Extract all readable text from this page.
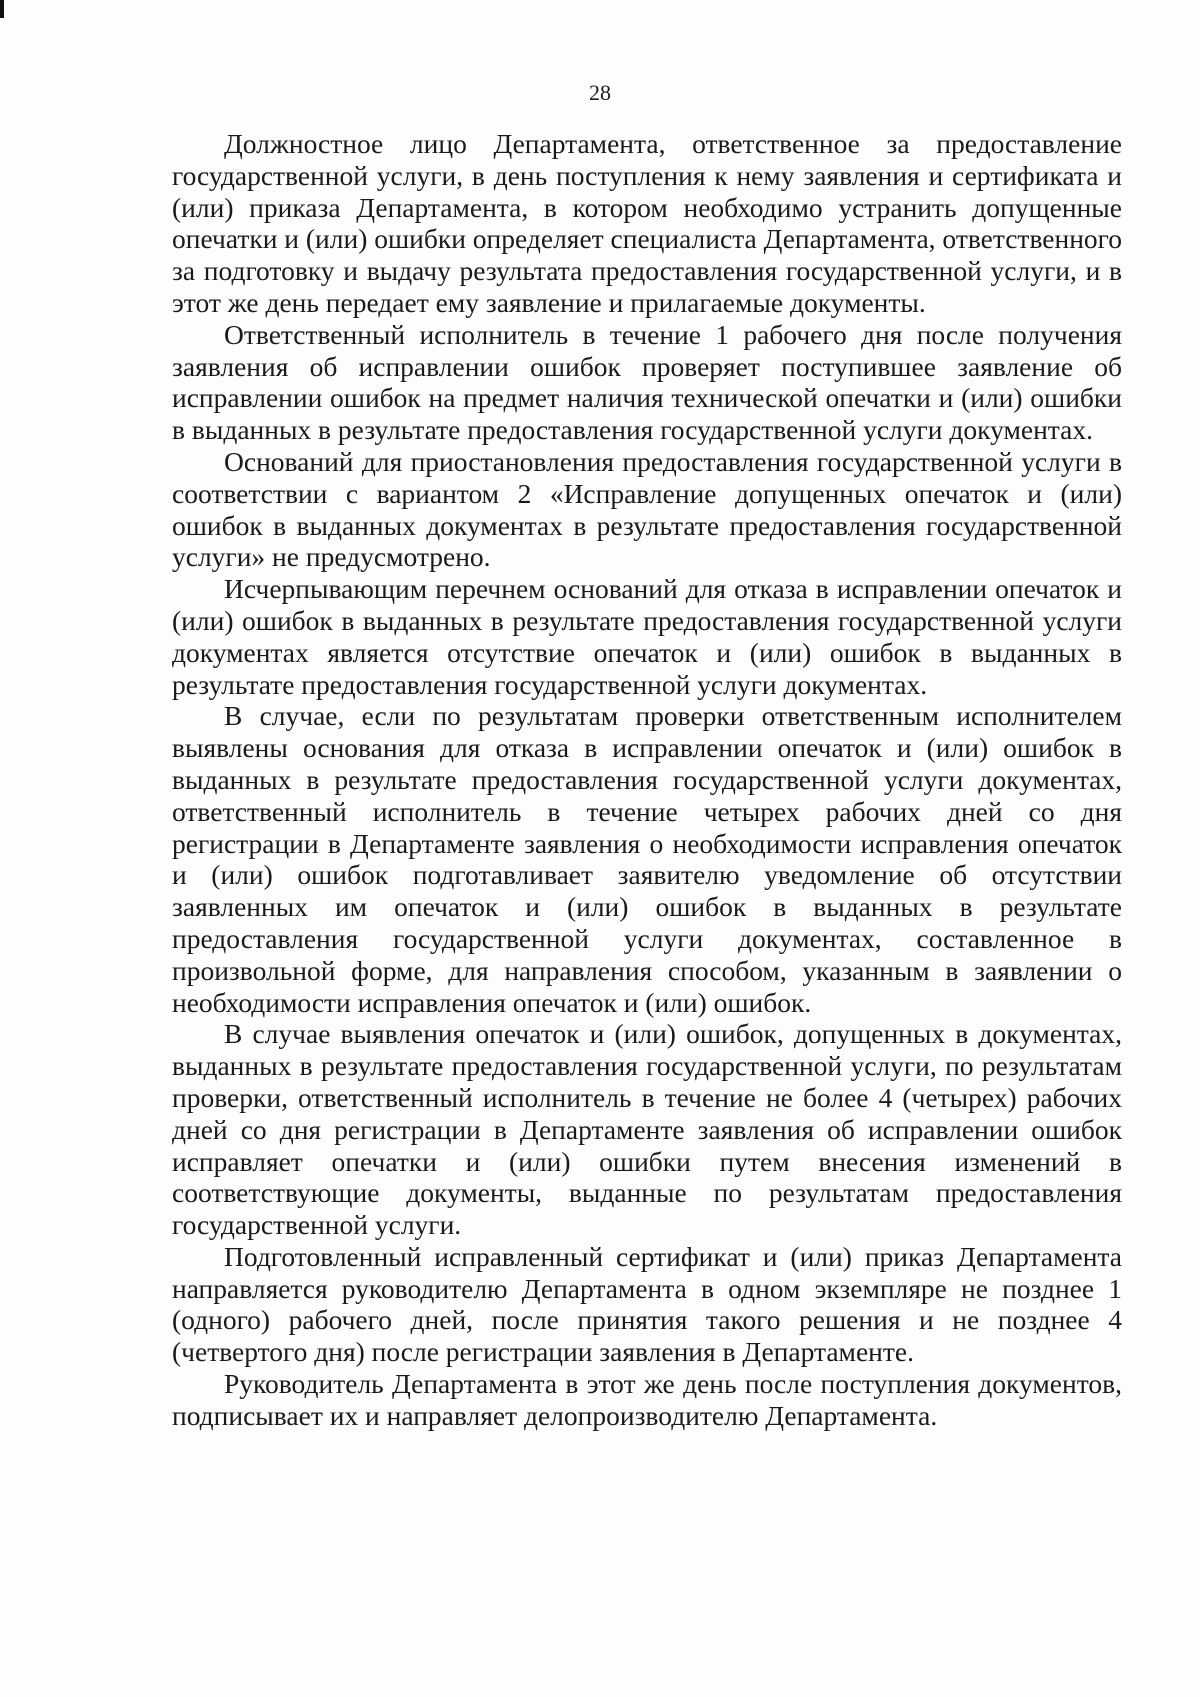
28

Должностное лицо Департамента, ответственное за предоставление государственной услуги, в день поступления к нему заявления и сертификата и (или) приказа Департамента, в котором необходимо устранить допущенные опечатки и (или) ошибки определяет специалиста Департамента, ответственного за подготовку и выдачу результата предоставления государственной услуги, и в этот же день передает ему заявление и прилагаемые документы.

Ответственный исполнитель в течение 1 рабочего дня после получения заявления об исправлении ошибок проверяет поступившее заявление об исправлении ошибок на предмет наличия технической опечатки и (или) ошибки в выданных в результате предоставления государственной услуги документах.

Оснований для приостановления предоставления государственной услуги в соответствии с вариантом 2 «Исправление допущенных опечаток и (или) ошибок в выданных документах в результате предоставления государственной услуги» не предусмотрено.

Исчерпывающим перечнем оснований для отказа в исправлении опечаток и (или) ошибок в выданных в результате предоставления государственной услуги документах является отсутствие опечаток и (или) ошибок в выданных в результате предоставления государственной услуги документах.

В случае, если по результатам проверки ответственным исполнителем выявлены основания для отказа в исправлении опечаток и (или) ошибок в выданных в результате предоставления государственной услуги документах, ответственный исполнитель в течение четырех рабочих дней со дня регистрации в Департаменте заявления о необходимости исправления опечаток и (или) ошибок подготавливает заявителю уведомление об отсутствии заявленных им опечаток и (или) ошибок в выданных в результате предоставления государственной услуги документах, составленное в произвольной форме, для направления способом, указанным в заявлении о необходимости исправления опечаток и (или) ошибок.

В случае выявления опечаток и (или) ошибок, допущенных в документах, выданных в результате предоставления государственной услуги, по результатам проверки, ответственный исполнитель в течение не более 4 (четырех) рабочих дней со дня регистрации в Департаменте заявления об исправлении ошибок исправляет опечатки и (или) ошибки путем внесения изменений в соответствующие документы, выданные по результатам предоставления государственной услуги.

Подготовленный исправленный сертификат и (или) приказ Департамента направляется руководителю Департамента в одном экземпляре не позднее 1 (одного) рабочего дней, после принятия такого решения и не позднее 4 (четвертого дня) после регистрации заявления в Департаменте.

Руководитель Департамента в этот же день после поступления документов, подписывает их и направляет делопроизводителю Департамента.
